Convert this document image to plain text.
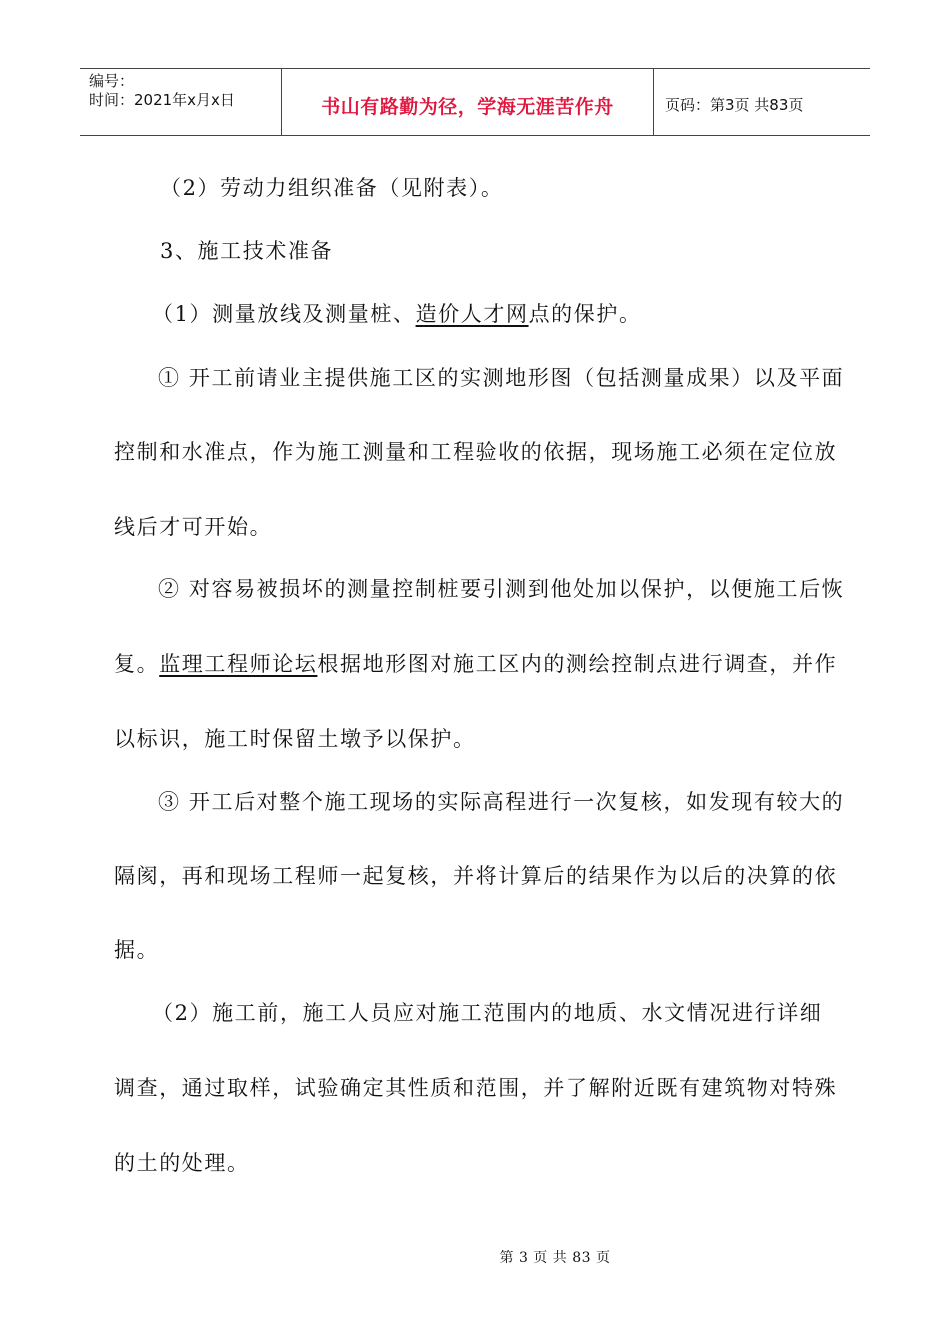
编号：
时间：2021年x月x日	书山有路勤为径，学海无涯苦作舟	页码：第3页 共83页

（2）劳动力组织准备（见附表）。

3、施工技术准备

（1）测量放线及测量桩、造价人才网点的保护。

① 开工前请业主提供施工区的实测地形图（包括测量成果）以及平面

控制和水准点，作为施工测量和工程验收的依据，现场施工必须在定位放

线后才可开始。

② 对容易被损坏的测量控制桩要引测到他处加以保护，以便施工后恢

复。监理工程师论坛根据地形图对施工区内的测绘控制点进行调查，并作

以标识，施工时保留土墩予以保护。

③ 开工后对整个施工现场的实际高程进行一次复核，如发现有较大的

隔阂，再和现场工程师一起复核，并将计算后的结果作为以后的决算的依

据。

（2）施工前，施工人员应对施工范围内的地质、水文情况进行详细

调查，通过取样，试验确定其性质和范围，并了解附近既有建筑物对特殊

的土的处理。

第 3 页 共 83 页
